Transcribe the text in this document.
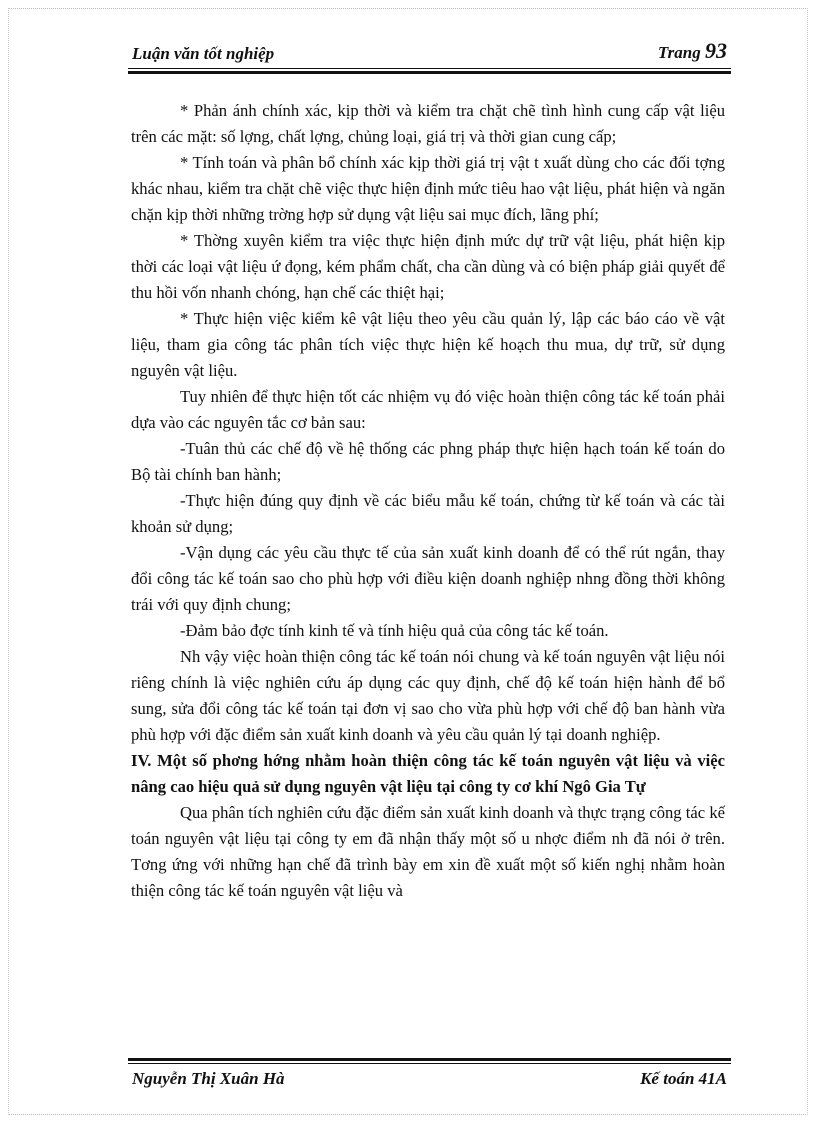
Luận văn tốt nghiệp	Trang 93

* Phản ánh chính xác, kịp thời và kiểm tra chặt chẽ tình hình cung cấp vật liệu trên các mặt: số lợng, chất lợng, chủng loại, giá trị và thời gian cung cấp;

* Tính toán và phân bổ chính xác kịp thời giá trị vật t xuất dùng cho các đối tợng khác nhau, kiểm tra chặt chẽ việc thực hiện định mức tiêu hao vật liệu, phát hiện và ngăn chặn kịp thời những trờng hợp sử dụng vật liệu sai mục đích, lãng phí;

* Thờng xuyên kiểm tra việc thực hiện định mức dự trữ vật liệu, phát hiện kịp thời các loại vật liệu ứ đọng, kém phẩm chất, cha cần dùng và có biện pháp giải quyết để thu hồi vốn nhanh chóng, hạn chế các thiệt hại;

* Thực hiện việc kiểm kê vật liệu theo yêu cầu quản lý, lập các báo cáo về vật liệu, tham gia công tác phân tích việc thực hiện kế hoạch thu mua, dự trữ, sử dụng nguyên vật liệu.

Tuy nhiên để thực hiện tốt các nhiệm vụ đó việc hoàn thiện công tác kế toán phải dựa vào các nguyên tắc cơ bản sau:

-Tuân thủ các chế độ về hệ thống các phng pháp thực hiện hạch toán kế toán do Bộ tài chính ban hành;

-Thực hiện đúng quy định về các biểu mẫu kế toán, chứng từ kế toán và các tài khoản sử dụng;

-Vận dụng các yêu cầu thực tế của sản xuất kinh doanh để có thể rút ngắn, thay đổi công tác kế toán sao cho phù hợp với điều kiện doanh nghiệp nhng đồng thời không trái với quy định chung;

-Đảm bảo đợc tính kinh tế và tính hiệu quả của công tác kế toán.

Nh vậy việc hoàn thiện công tác kế toán nói chung và kế toán nguyên vật liệu nói riêng chính là việc nghiên cứu áp dụng các quy định, chế độ kế toán hiện hành để bổ sung, sửa đổi công tác kế toán tại đơn vị sao cho vừa phù hợp với chế độ ban hành vừa phù hợp với đặc điểm sản xuất kinh doanh và yêu cầu quản lý tại doanh nghiệp.

IV. Một số phơng hớng nhằm hoàn thiện công tác kế toán nguyên vật liệu và việc nâng cao hiệu quả sử dụng nguyên vật liệu tại công ty cơ khí Ngô Gia Tự

Qua phân tích nghiên cứu đặc điểm sản xuất kinh doanh và thực trạng công tác kế toán nguyên vật liệu tại công ty em đã nhận thấy một số u nhợc điểm nh đã nói ở trên. Tơng ứng với những hạn chế đã trình bày em xin đề xuất một số kiến nghị nhằm hoàn thiện công tác kế toán nguyên vật liệu và

Nguyễn Thị Xuân Hà	Kế toán 41A
